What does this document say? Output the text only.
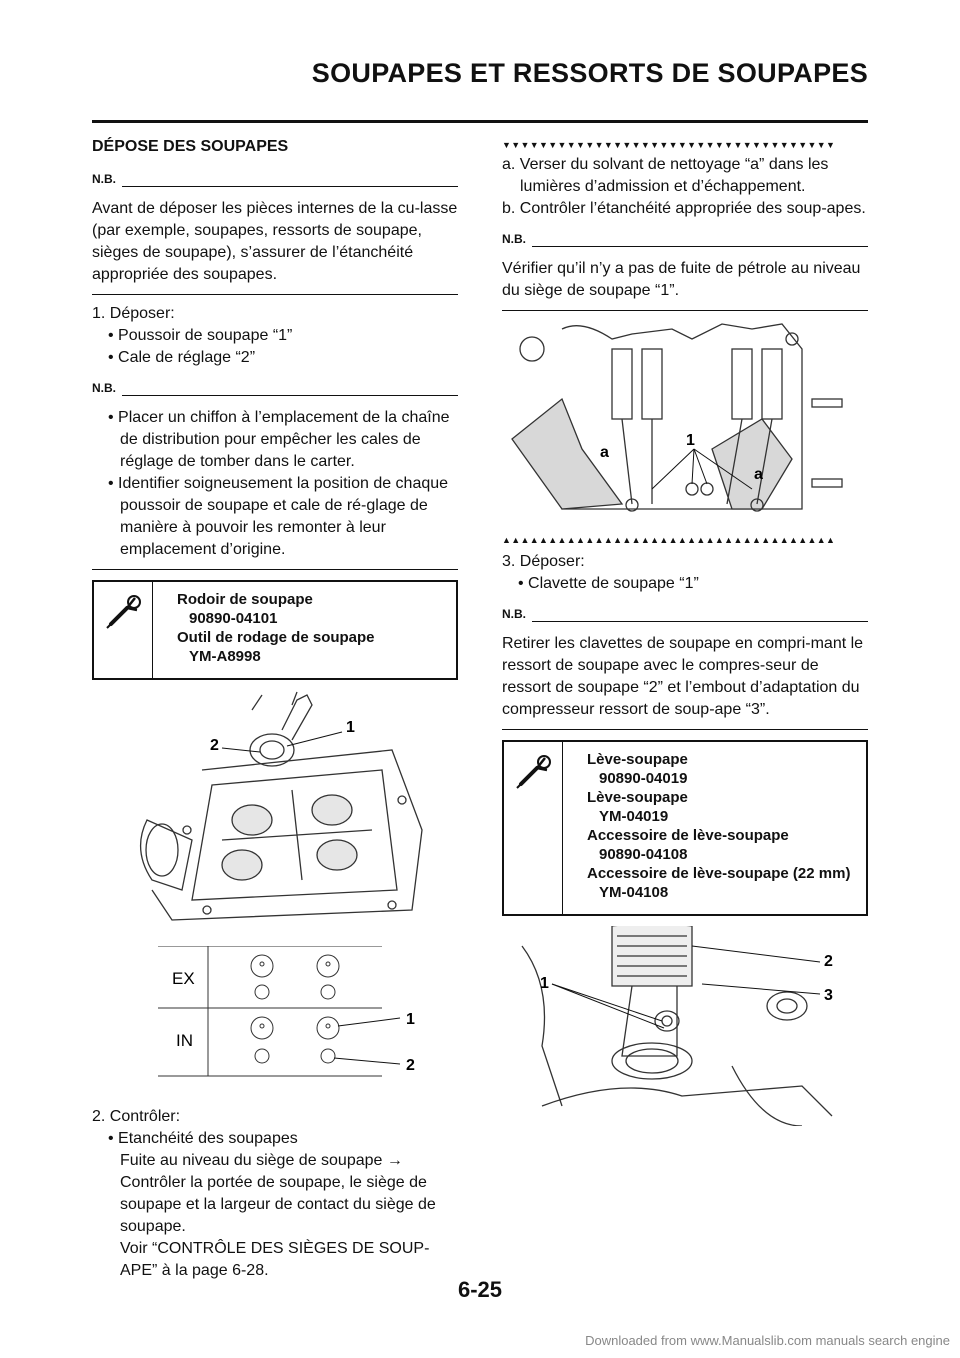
SOUPAPES ET RESSORTS DE SOUPAPES
DÉPOSE DES SOUPAPES
N.B.

Avant de déposer les pièces internes de la cu-lasse (par exemple, soupapes, ressorts de soupape, sièges de soupape), s’assurer de l’étanchéité appropriée des soupapes.

1. Déposer:

• Poussoir de soupape “1”

• Cale de réglage “2”

N.B.

• Placer un chiffon à l’emplacement de la chaîne de distribution pour empêcher les cales de réglage de tomber dans le carter.

• Identifier soigneusement la position de chaque poussoir de soupape et cale de ré-glage de manière à pouvoir les remonter à leur emplacement d’origine.

Rodoir de soupape
90890-04101
Outil de rodage de soupape
YM-A8998
2
1
EX
IN
1
2

2. Contrôler:

• Etanchéité des soupapes

Fuite au niveau du siège de soupape →

Contrôler la portée de soupape, le siège de soupape et la largeur de contact du siège de soupape.

Voir “CONTRÔLE DES SIÈGES DE SOUP-APE” à la page 6-28.

▼▼▼▼▼▼▼▼▼▼▼▼▼▼▼▼▼▼▼▼▼▼▼▼▼▼▼▼▼▼▼▼▼▼▼▼

a. Verser du solvant de nettoyage “a” dans les lumières d’admission et d’échappement.

b. Contrôler l’étanchéité appropriée des soup-apes.

N.B.

Vérifier qu’il n’y a pas de fuite de pétrole au niveau du siège de soupape “1”.

a
a
1
▲▲▲▲▲▲▲▲▲▲▲▲▲▲▲▲▲▲▲▲▲▲▲▲▲▲▲▲▲▲▲▲▲▲▲▲

3. Déposer:

• Clavette de soupape “1”

N.B.

Retirer les clavettes de soupape en compri-mant le ressort de soupape avec le compres-seur de ressort de soupape “2” et l’embout d’adaptation du compresseur ressort de soup-ape “3”.

Lève-soupape
90890-04019
Lève-soupape
YM-04019
Accessoire de lève-soupape
90890-04108
Accessoire de lève-soupape (22 mm)
YM-04108
1
2
3
6-25
Downloaded from www.Manualslib.com manuals search engine
